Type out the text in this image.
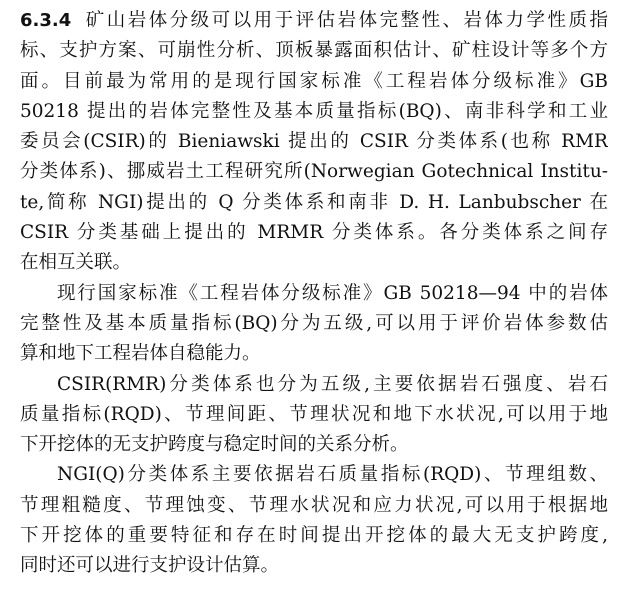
6.3.4 矿山岩体分级可以用于评估岩体完整性、岩体力学性质指
标、支护方案、可崩性分析、顶板暴露面积估计、矿柱设计等多个方
面。目前最为常用的是现行国家标准《工程岩体分级标准》GB
50218 提出的岩体完整性及基本质量指标(BQ)、南非科学和工业
委员会(CSIR)的 Bieniawski 提出的 CSIR 分类体系(也称 RMR
分类体系)、挪威岩土工程研究所(Norwegian Gotechnical Institu-
te,简称 NGI)提出的 Q 分类体系和南非 D. H. Lanbubscher 在
CSIR 分类基础上提出的 MRMR 分类体系。各分类体系之间存
在相互关联。
现行国家标准《工程岩体分级标准》GB 50218—94 中的岩体
完整性及基本质量指标(BQ)分为五级,可以用于评价岩体参数估
算和地下工程岩体自稳能力。
CSIR(RMR)分类体系也分为五级,主要依据岩石强度、岩石
质量指标(RQD)、节理间距、节理状况和地下水状况,可以用于地
下开挖体的无支护跨度与稳定时间的关系分析。
NGI(Q)分类体系主要依据岩石质量指标(RQD)、节理组数、
节理粗糙度、节理蚀变、节理水状况和应力状况,可以用于根据地
下开挖体的重要特征和存在时间提出开挖体的最大无支护跨度,
同时还可以进行支护设计估算。
